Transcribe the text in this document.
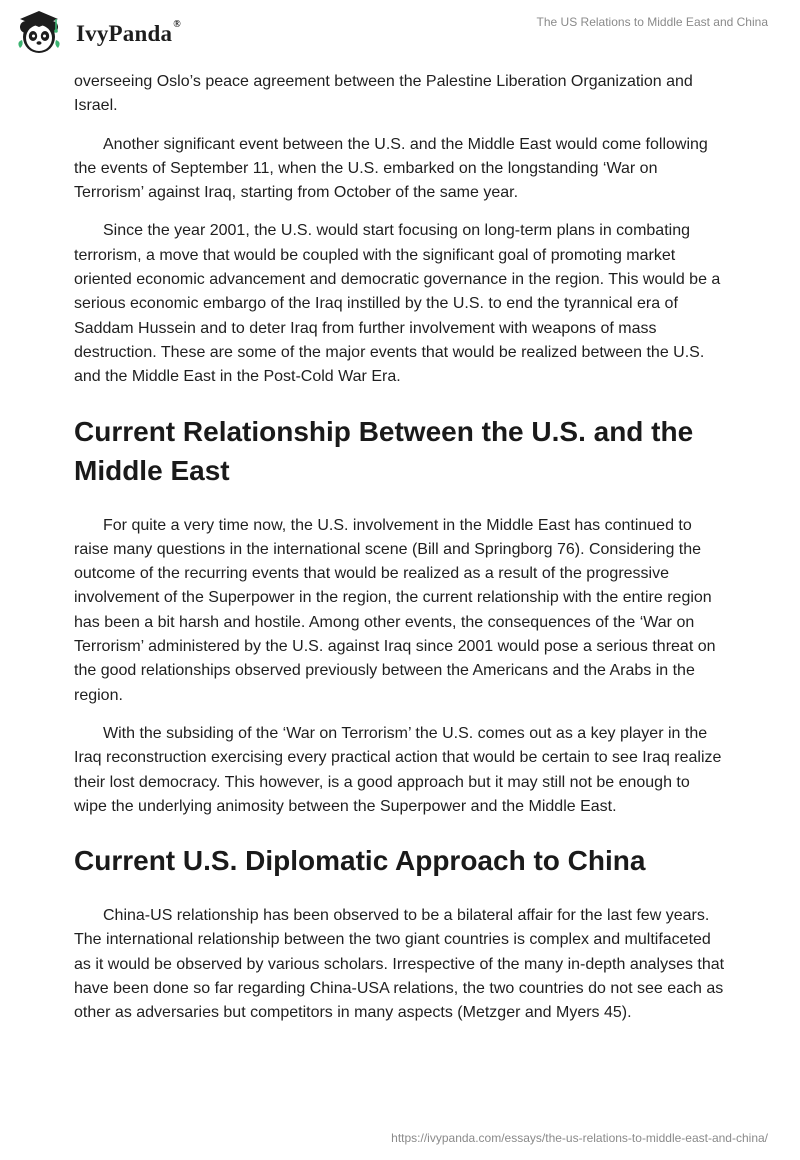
IvyPanda®	The US Relations to Middle East and China

overseeing Oslo’s peace agreement between the Palestine Liberation Organization and Israel.

Another significant event between the U.S. and the Middle East would come following the events of September 11, when the U.S. embarked on the longstanding ‘War on Terrorism’ against Iraq, starting from October of the same year.

Since the year 2001, the U.S. would start focusing on long-term plans in combating terrorism, a move that would be coupled with the significant goal of promoting market oriented economic advancement and democratic governance in the region. This would be a serious economic embargo of the Iraq instilled by the U.S. to end the tyrannical era of Saddam Hussein and to deter Iraq from further involvement with weapons of mass destruction. These are some of the major events that would be realized between the U.S. and the Middle East in the Post-Cold War Era.

Current Relationship Between the U.S. and the Middle East

For quite a very time now, the U.S. involvement in the Middle East has continued to raise many questions in the international scene (Bill and Springborg 76). Considering the outcome of the recurring events that would be realized as a result of the progressive involvement of the Superpower in the region, the current relationship with the entire region has been a bit harsh and hostile. Among other events, the consequences of the ‘War on Terrorism’ administered by the U.S. against Iraq since 2001 would pose a serious threat on the good relationships observed previously between the Americans and the Arabs in the region.

With the subsiding of the ‘War on Terrorism’ the U.S. comes out as a key player in the Iraq reconstruction exercising every practical action that would be certain to see Iraq realize their lost democracy. This however, is a good approach but it may still not be enough to wipe the underlying animosity between the Superpower and the Middle East.

Current U.S. Diplomatic Approach to China

China-US relationship has been observed to be a bilateral affair for the last few years. The international relationship between the two giant countries is complex and multifaceted as it would be observed by various scholars. Irrespective of the many in-depth analyses that have been done so far regarding China-USA relations, the two countries do not see each as other as adversaries but competitors in many aspects (Metzger and Myers 45).

https://ivypanda.com/essays/the-us-relations-to-middle-east-and-china/
